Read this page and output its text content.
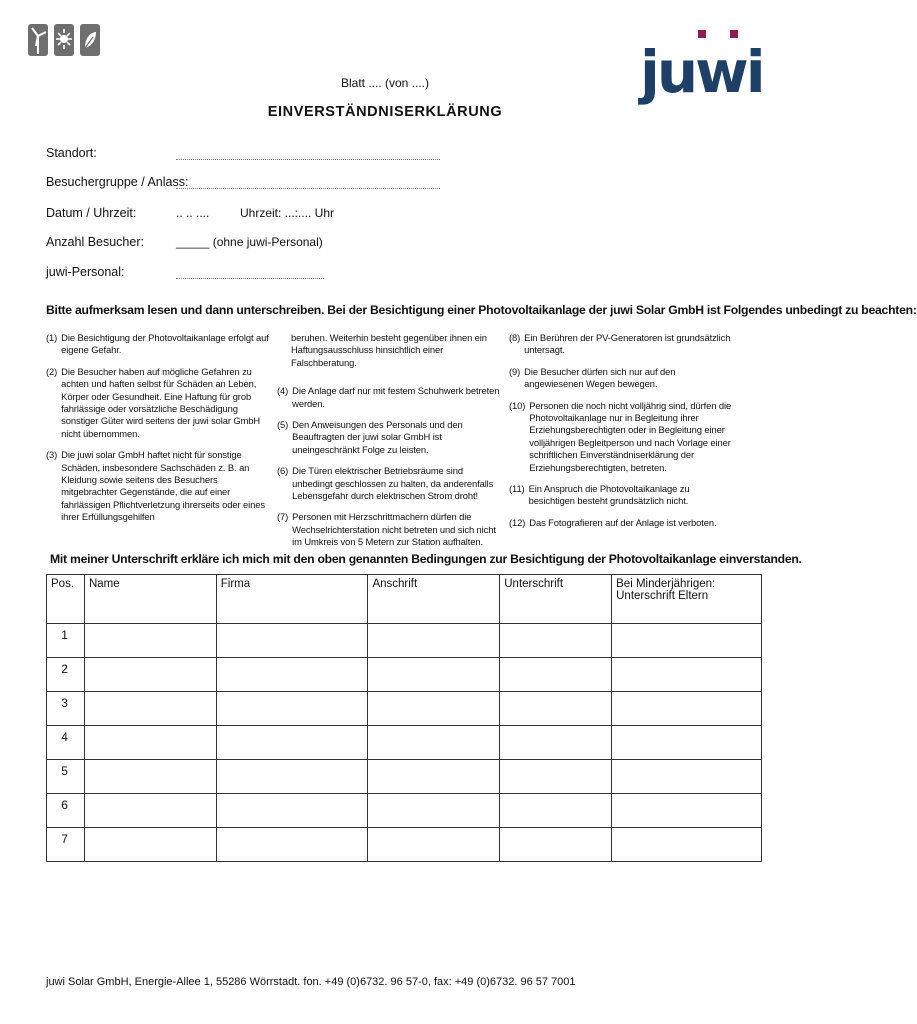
juwi
Blatt .... (von ....)
EINVERSTÄNDNISERKLÄRUNG
Standort:
Besuchergruppe / Anlass:
Datum / Uhrzeit:	.. .. ....	Uhrzeit: ...:.... Uhr
Anzahl Besucher:	_____ (ohne juwi-Personal)
juwi-Personal:
Bitte aufmerksam lesen und dann unterschreiben. Bei der Besichtigung einer Photovoltaikanlage der juwi Solar GmbH ist Folgendes unbedingt zu beachten:
(1) Die Besichtigung der Photovoltaikanlage erfolgt auf eigene Gefahr.
(2) Die Besucher haben auf mögliche Gefahren zu achten und haften selbst für Schäden an Leben, Körper oder Gesundheit. Eine Haftung für grob fahrlässige oder vorsätzliche Beschädigung sonstiger Güter wird seitens der juwi solar GmbH nicht übernommen.
(3) Die juwi solar GmbH haftet nicht für sonstige Schäden, insbesondere Sachschäden z. B. an Kleidung sowie seitens des Besuchers mitgebrachter Gegenstände, die auf einer fahrlässigen Pflichtverletzung ihrerseits oder eines ihrer Erfüllungsgehilfen
beruhen. Weiterhin besteht gegenüber ihnen ein Haftungsausschluss hinsichtlich einer Falschberatung.
(4) Die Anlage darf nur mit festem Schuhwerk betreten werden.
(5) Den Anweisungen des Personals und den Beauftragten der juwi solar GmbH ist uneingeschränkt Folge zu leisten.
(6) Die Türen elektrischer Betriebsräume sind unbedingt geschlossen zu halten, da anderenfalls Lebensgefahr durch elektrischen Strom droht!
(7) Personen mit Herzschrittmachern dürfen die Wechselrichterstation nicht betreten und sich nicht im Umkreis von 5 Metern zur Station aufhalten.
(8) Ein Berühren der PV-Generatoren ist grundsätzlich untersagt.
(9) Die Besucher dürfen sich nur auf den angewiesenen Wegen bewegen.
(10) Personen die noch nicht volljährig sind, dürfen die Photovoltaikanlage nur in Begleitung ihrer Erziehungsberechtigten oder in Begleitung einer volljährigen Begleitperson und nach Vorlage einer schriftlichen Einverständniserklärung der Erziehungsberechtigten, betreten.
(11) Ein Anspruch die Photovoltaikanlage zu besichtigen besteht grundsätzlich nicht.
(12) Das Fotografieren auf der Anlage ist verboten.
Mit meiner Unterschrift erkläre ich mich mit den oben genannten Bedingungen zur Besichtigung der Photovoltaikanlage einverstanden.
Pos.	Name	Firma	Anschrift	Unterschrift	Bei Minderjährigen: Unterschrift Eltern
1					
2					
3					
4					
5					
6					
7					
juwi Solar GmbH, Energie-Allee 1, 55286 Wörrstadt. fon. +49 (0)6732. 96 57-0, fax: +49 (0)6732. 96 57 7001
